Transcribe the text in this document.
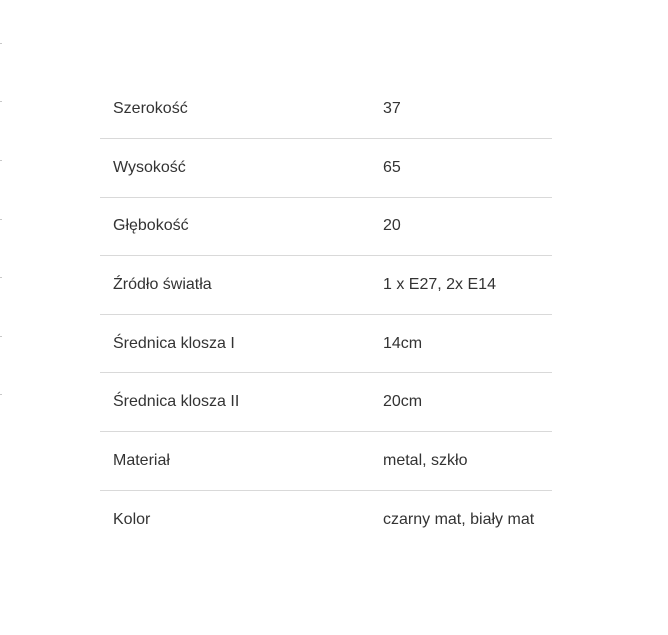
Szerokość	37
Wysokość	65
Głębokość	20
Źródło światła	1 x E27, 2x E14
Średnica klosza I	14cm
Średnica klosza II	20cm
Materiał	metal, szkło
Kolor	czarny mat, biały mat
